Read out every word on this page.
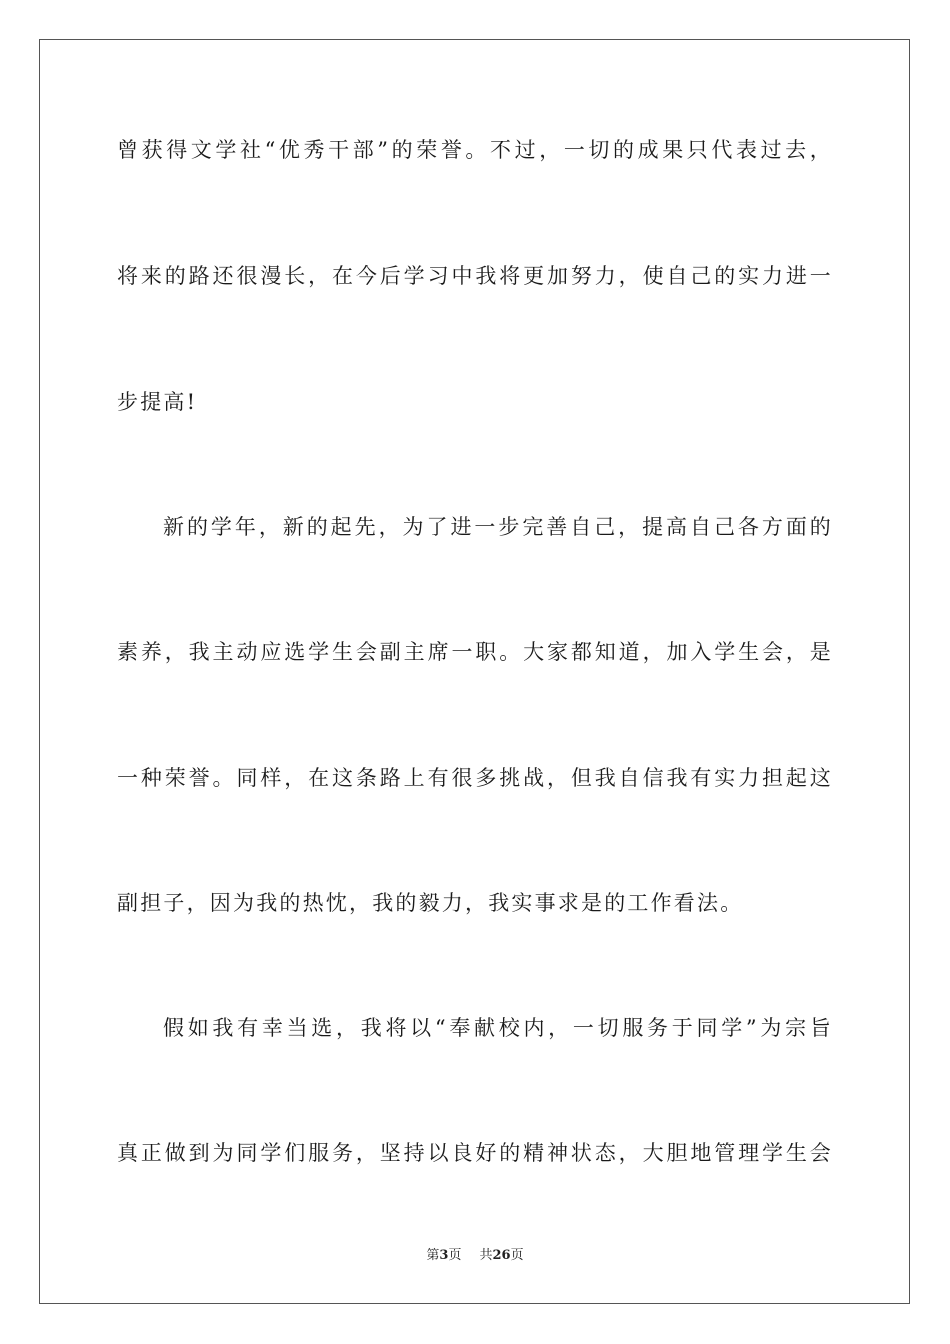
曾获得文学社“优秀干部”的荣誉。不过，一切的成果只代表过去，
将来的路还很漫长，在今后学习中我将更加努力，使自己的实力进一
步提高!
新的学年，新的起先，为了进一步完善自己，提高自己各方面的
素养，我主动应选学生会副主席一职。大家都知道，加入学生会，是
一种荣誉。同样，在这条路上有很多挑战，但我自信我有实力担起这
副担子，因为我的热忱，我的毅力，我实事求是的工作看法。
假如我有幸当选，我将以“奉献校内，一切服务于同学”为宗旨
真正做到为同学们服务，坚持以良好的精神状态，大胆地管理学生会
第3页 共26页
